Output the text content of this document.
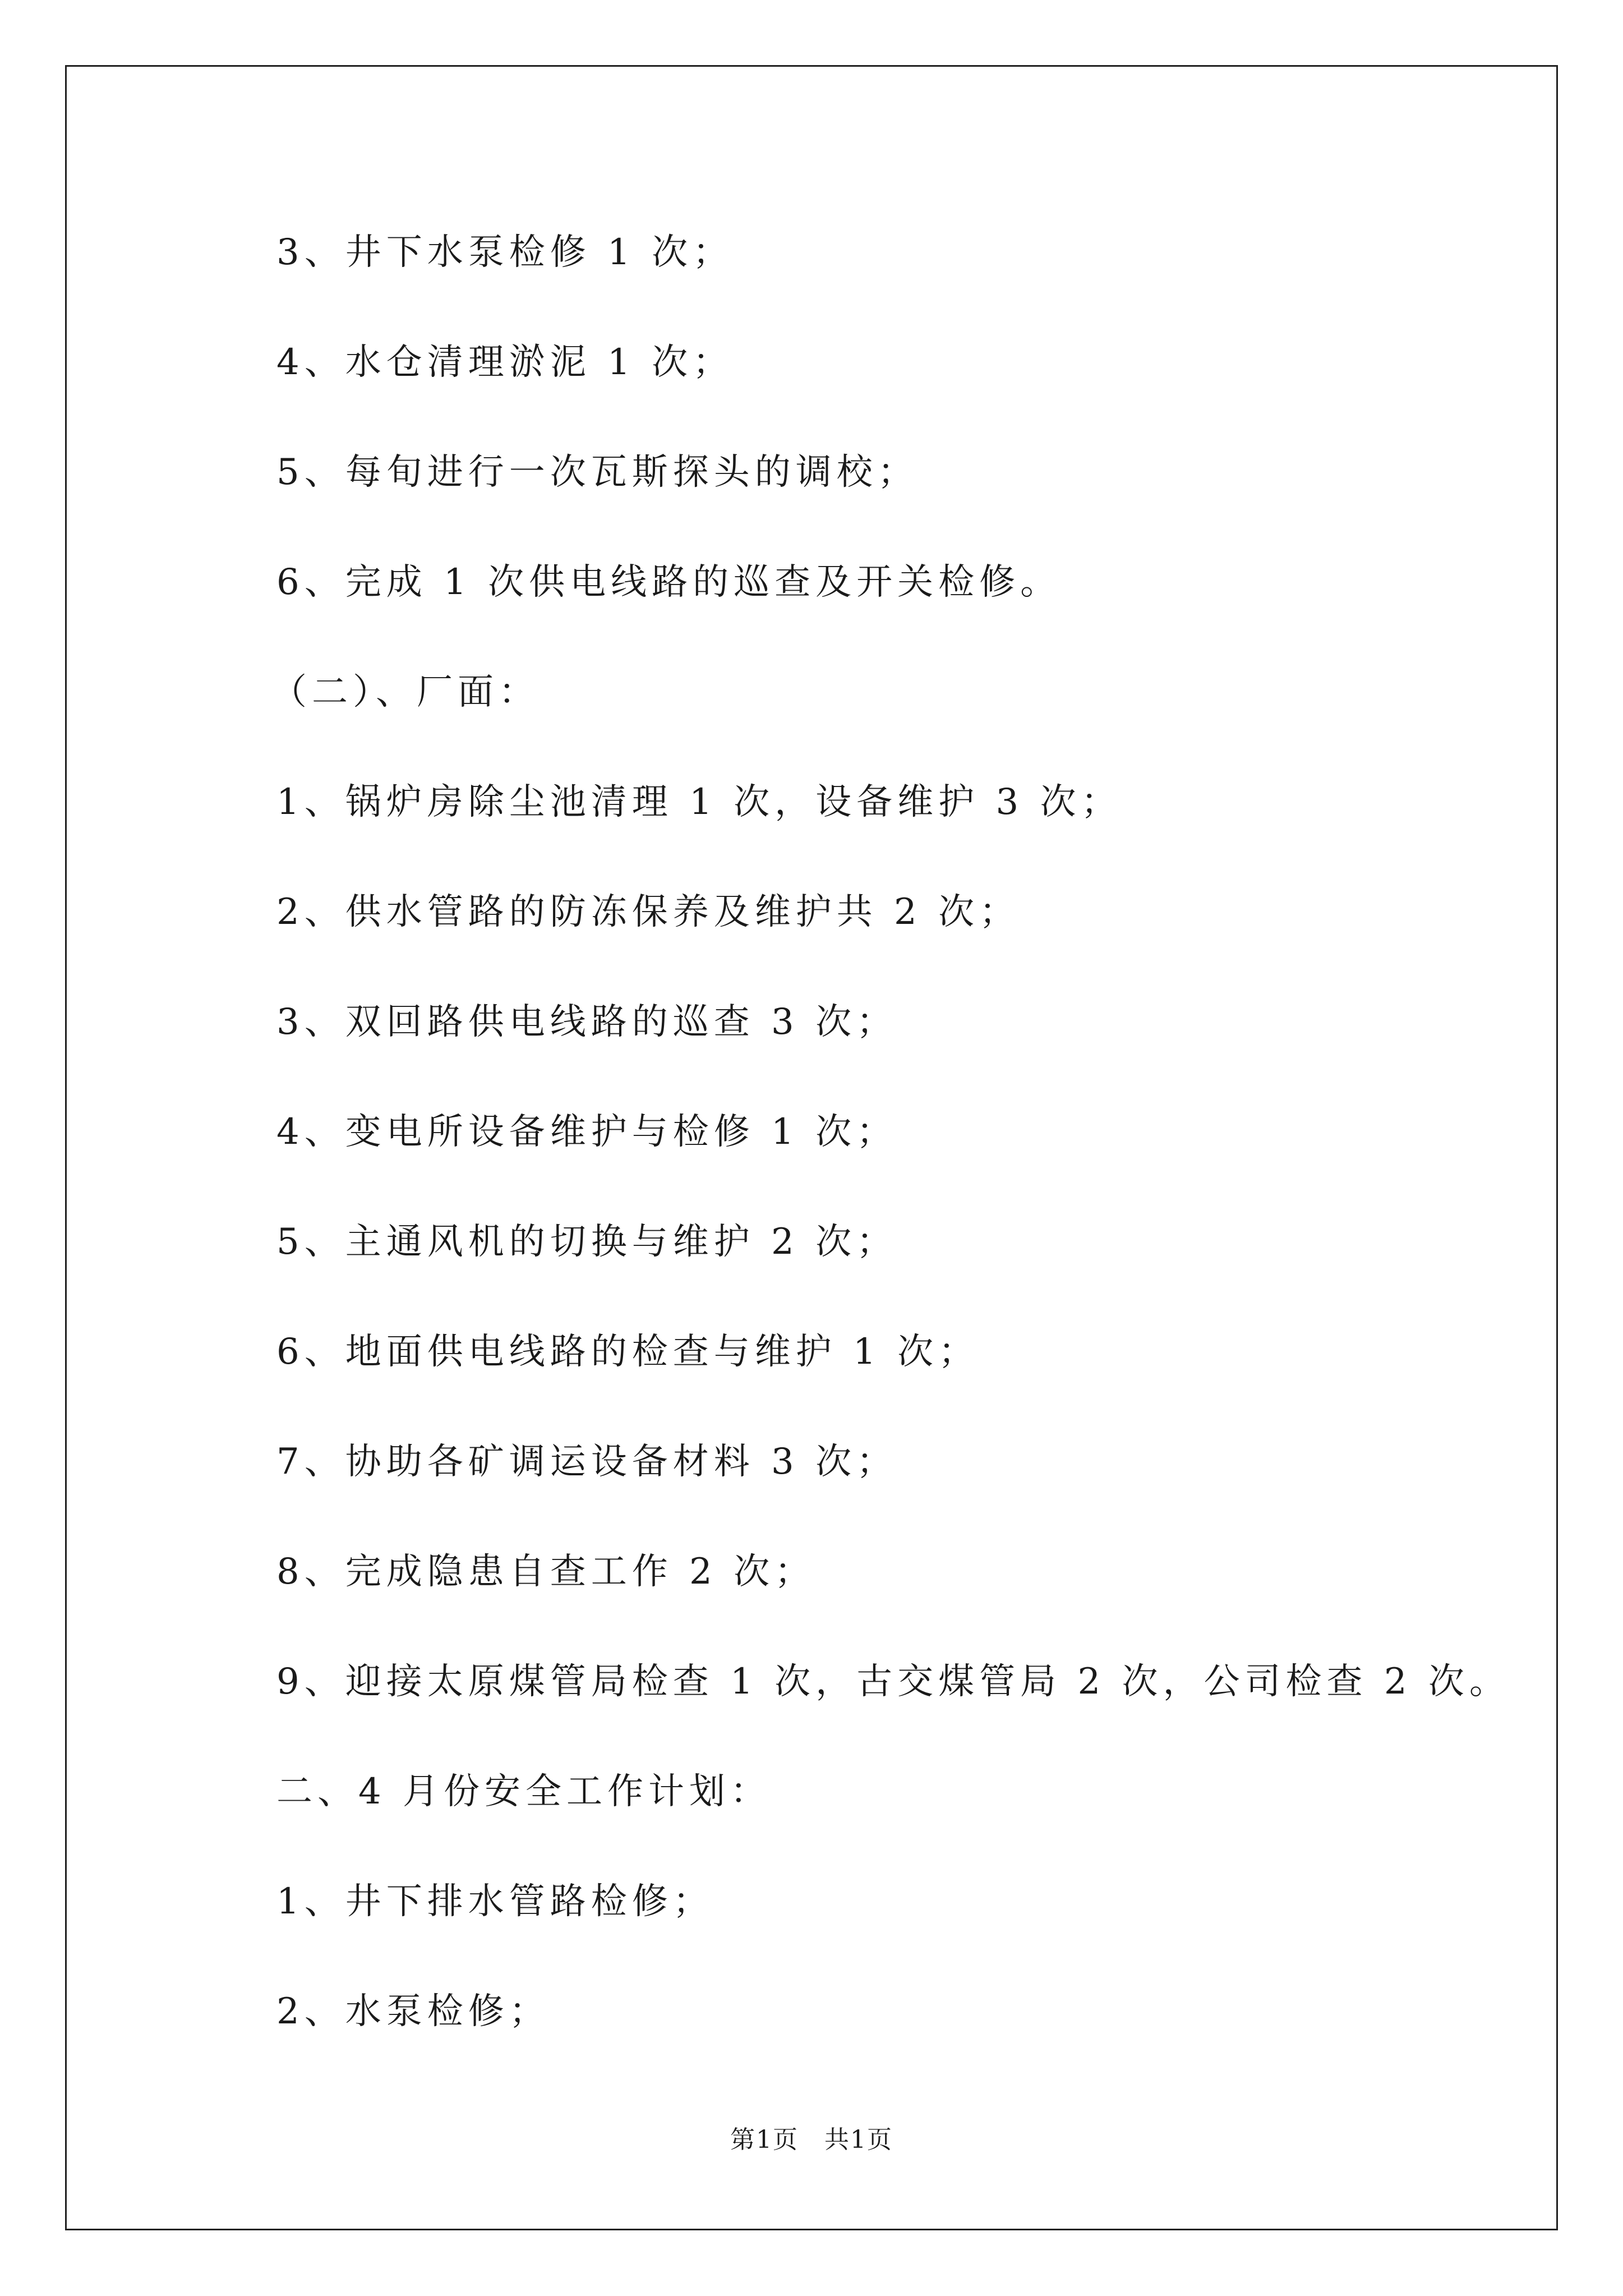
3、井下水泵检修 1 次；
4、水仓清理淤泥 1 次；
5、每旬进行一次瓦斯探头的调校；
6、完成 1 次供电线路的巡查及开关检修。
（二）、厂面：
1、锅炉房除尘池清理 1 次，设备维护 3 次；
2、供水管路的防冻保养及维护共 2 次；
3、双回路供电线路的巡查 3 次；
4、变电所设备维护与检修 1 次；
5、主通风机的切换与维护 2 次；
6、地面供电线路的检查与维护 1 次；
7、协助各矿调运设备材料 3 次；
8、完成隐患自查工作 2 次；
9、迎接太原煤管局检查 1 次，古交煤管局 2 次，公司检查 2 次。
二、4 月份安全工作计划：
1、井下排水管路检修；
2、水泵检修；
第1页　共1页
